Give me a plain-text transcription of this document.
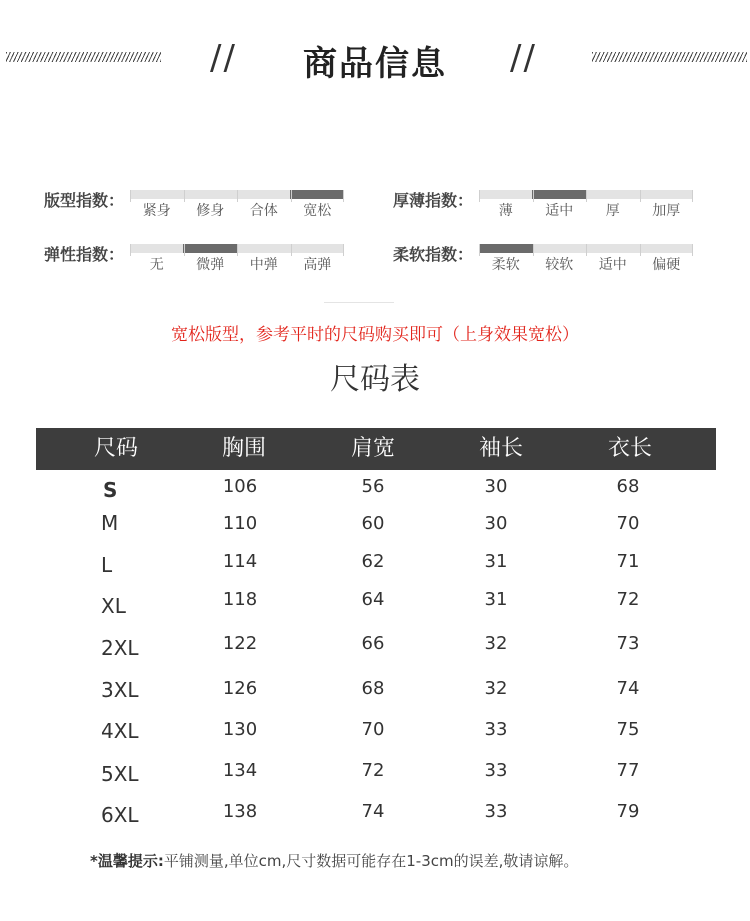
//	//
商品信息
版型指数：
紧身	修身	合体	宽松
厚薄指数：
薄	适中	厚	加厚
弹性指数：
无	微弹	中弹	高弹
柔软指数：
柔软	较软	适中	偏硬
宽松版型，参考平时的尺码购买即可（上身效果宽松）
尺码表
尺码	胸围	肩宽	袖长	衣长
S	106	56	30	68
M	110	60	30	70
L	114	62	31	71
XL	118	64	31	72
2XL	122	66	32	73
3XL	126	68	32	74
4XL	130	70	33	75
5XL	134	72	33	77
6XL	138	74	33	79
*温馨提示:平铺测量,单位cm,尺寸数据可能存在1-3cm的误差,敬请谅解。
